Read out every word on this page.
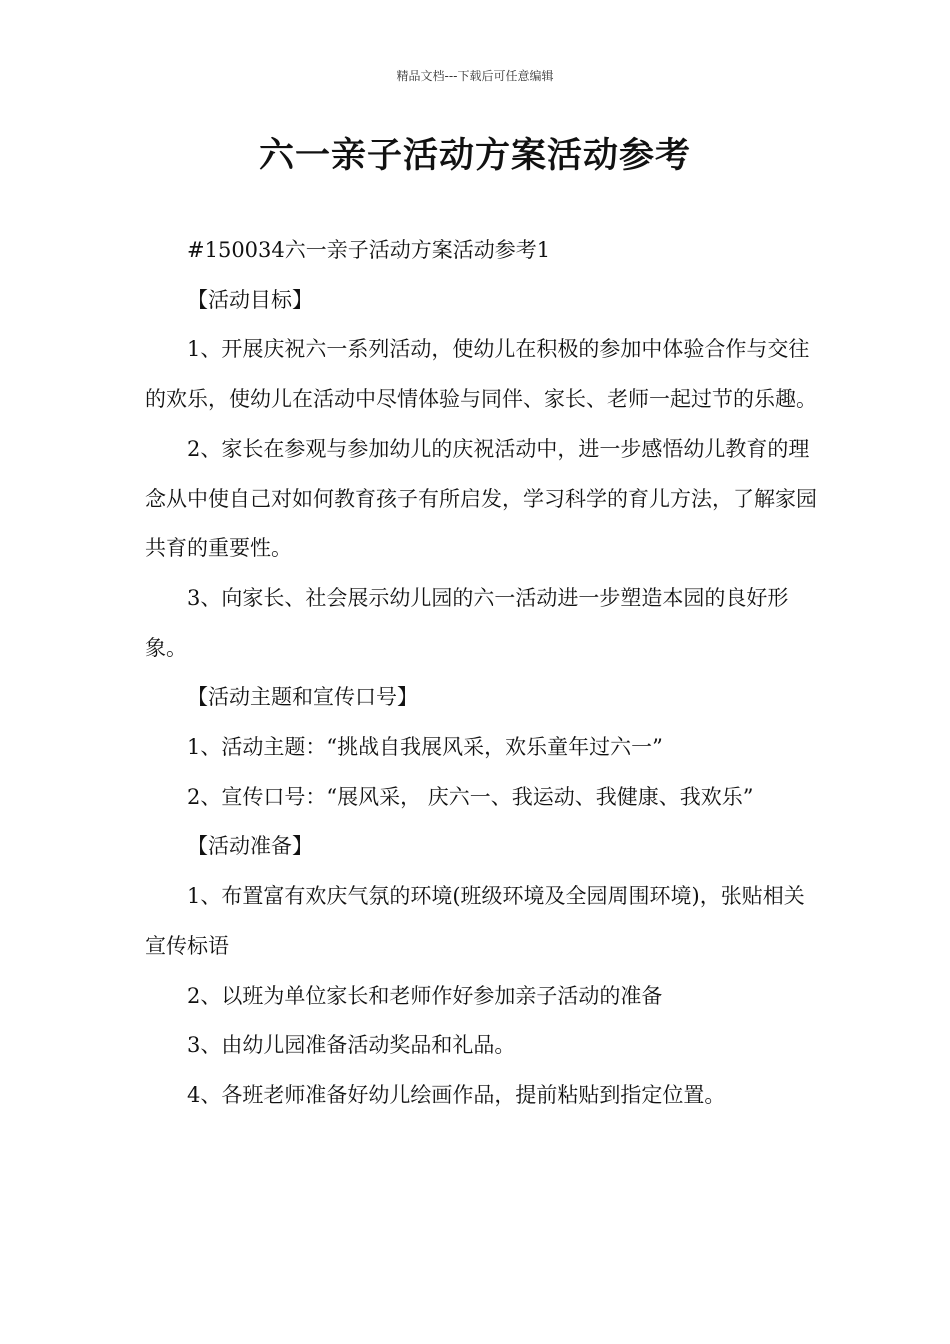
精品文档---下载后可任意编辑
六一亲子活动方案活动参考

#150034六一亲子活动方案活动参考1

【活动目标】

1、开展庆祝六一系列活动，使幼儿在积极的参加中体验合作与交往的欢乐，使幼儿在活动中尽情体验与同伴、家长、老师一起过节的乐趣。

2、家长在参观与参加幼儿的庆祝活动中，进一步感悟幼儿教育的理念从中使自己对如何教育孩子有所启发，学习科学的育儿方法，了解家园共育的重要性。

3、向家长、社会展示幼儿园的六一活动进一步塑造本园的良好形象。

【活动主题和宣传口号】

1、活动主题：“挑战自我展风采，欢乐童年过六一”

2、宣传口号：“展风采， 庆六一、我运动、我健康、我欢乐”

【活动准备】

1、布置富有欢庆气氛的环境(班级环境及全园周围环境)，张贴相关宣传标语

2、以班为单位家长和老师作好参加亲子活动的准备

3、由幼儿园准备活动奖品和礼品。

4、各班老师准备好幼儿绘画作品，提前粘贴到指定位置。
